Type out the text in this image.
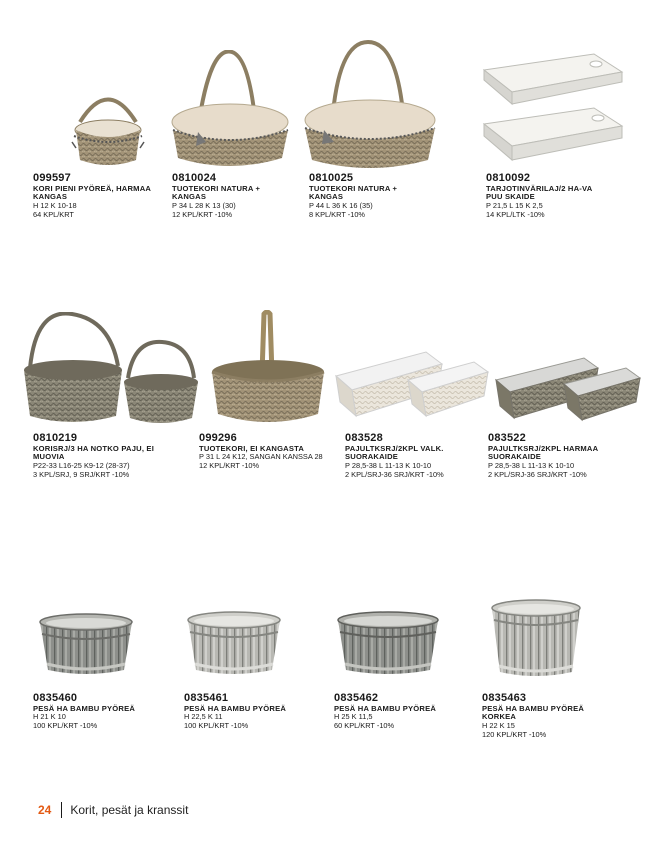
099597
KORI PIENI PYÖREÄ, HARMAA KANGAS
H 12 K 10-18
64 KPL/KRT
0810024
TUOTEKORI NATURA + KANGAS
P 34 L 28 K 13 (30)
12 KPL/KRT -10%
0810025
TUOTEKORI NATURA + KANGAS
P 44 L 36 K 16 (35)
8 KPL/KRT -10%
0810092
TARJOTINVÄRILAJ/2 HA-VA PUU SKAIDE
P 21,5 L 15 K 2,5
14 KPL/LTK -10%
0810219
KORISRJ/3 HA NOTKO PAJU, EI MUOVIA
P22-33 L16-25 K9-12 (28-37)
3 KPL/SRJ, 9 SRJ/KRT -10%
099296
TUOTEKORI, EI KANGASTA
P 31 L 24 K12, SANGAN KANSSA 28
12 KPL/KRT -10%
083528
PAJULTKSRJ/2KPL VALK. SUORAKAIDE
P 28,5-38 L 11-13 K 10-10
2 KPL/SRJ-36 SRJ/KRT -10%
083522
PAJULTKSRJ/2KPL HARMAA SUORAKAIDE
P 28,5-38 L 11-13 K 10-10
2 KPL/SRJ-36 SRJ/KRT -10%
0835460
PESÄ HA BAMBU PYÖREÄ
H 21 K 10
100 KPL/KRT -10%
0835461
PESÄ HA BAMBU PYÖREÄ
H 22,5 K 11
100 KPL/KRT -10%
0835462
PESÄ HA BAMBU PYÖREÄ
H 25 K 11,5
60 KPL/KRT -10%
0835463
PESÄ HA BAMBU PYÖREÄ KORKEA
H 22 K 15
120 KPL/KRT -10%
24 Korit, pesät ja kranssit
